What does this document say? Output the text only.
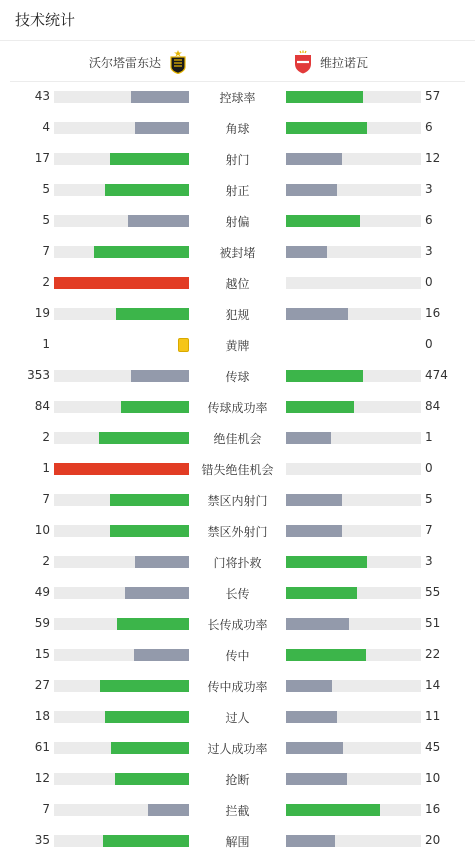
技术统计
沃尔塔雷东达	维拉诺瓦
43	控球率	57
4	角球	6
17	射门	12
5	射正	3
5	射偏	6
7	被封堵	3
2	越位	0
19	犯规	16
1	黄牌	0
353	传球	474
84	传球成功率	84
2	绝佳机会	1
1	错失绝佳机会	0
7	禁区内射门	5
10	禁区外射门	7
2	门将扑救	3
49	长传	55
59	长传成功率	51
15	传中	22
27	传中成功率	14
18	过人	11
61	过人成功率	45
12	抢断	10
7	拦截	16
35	解围	20
